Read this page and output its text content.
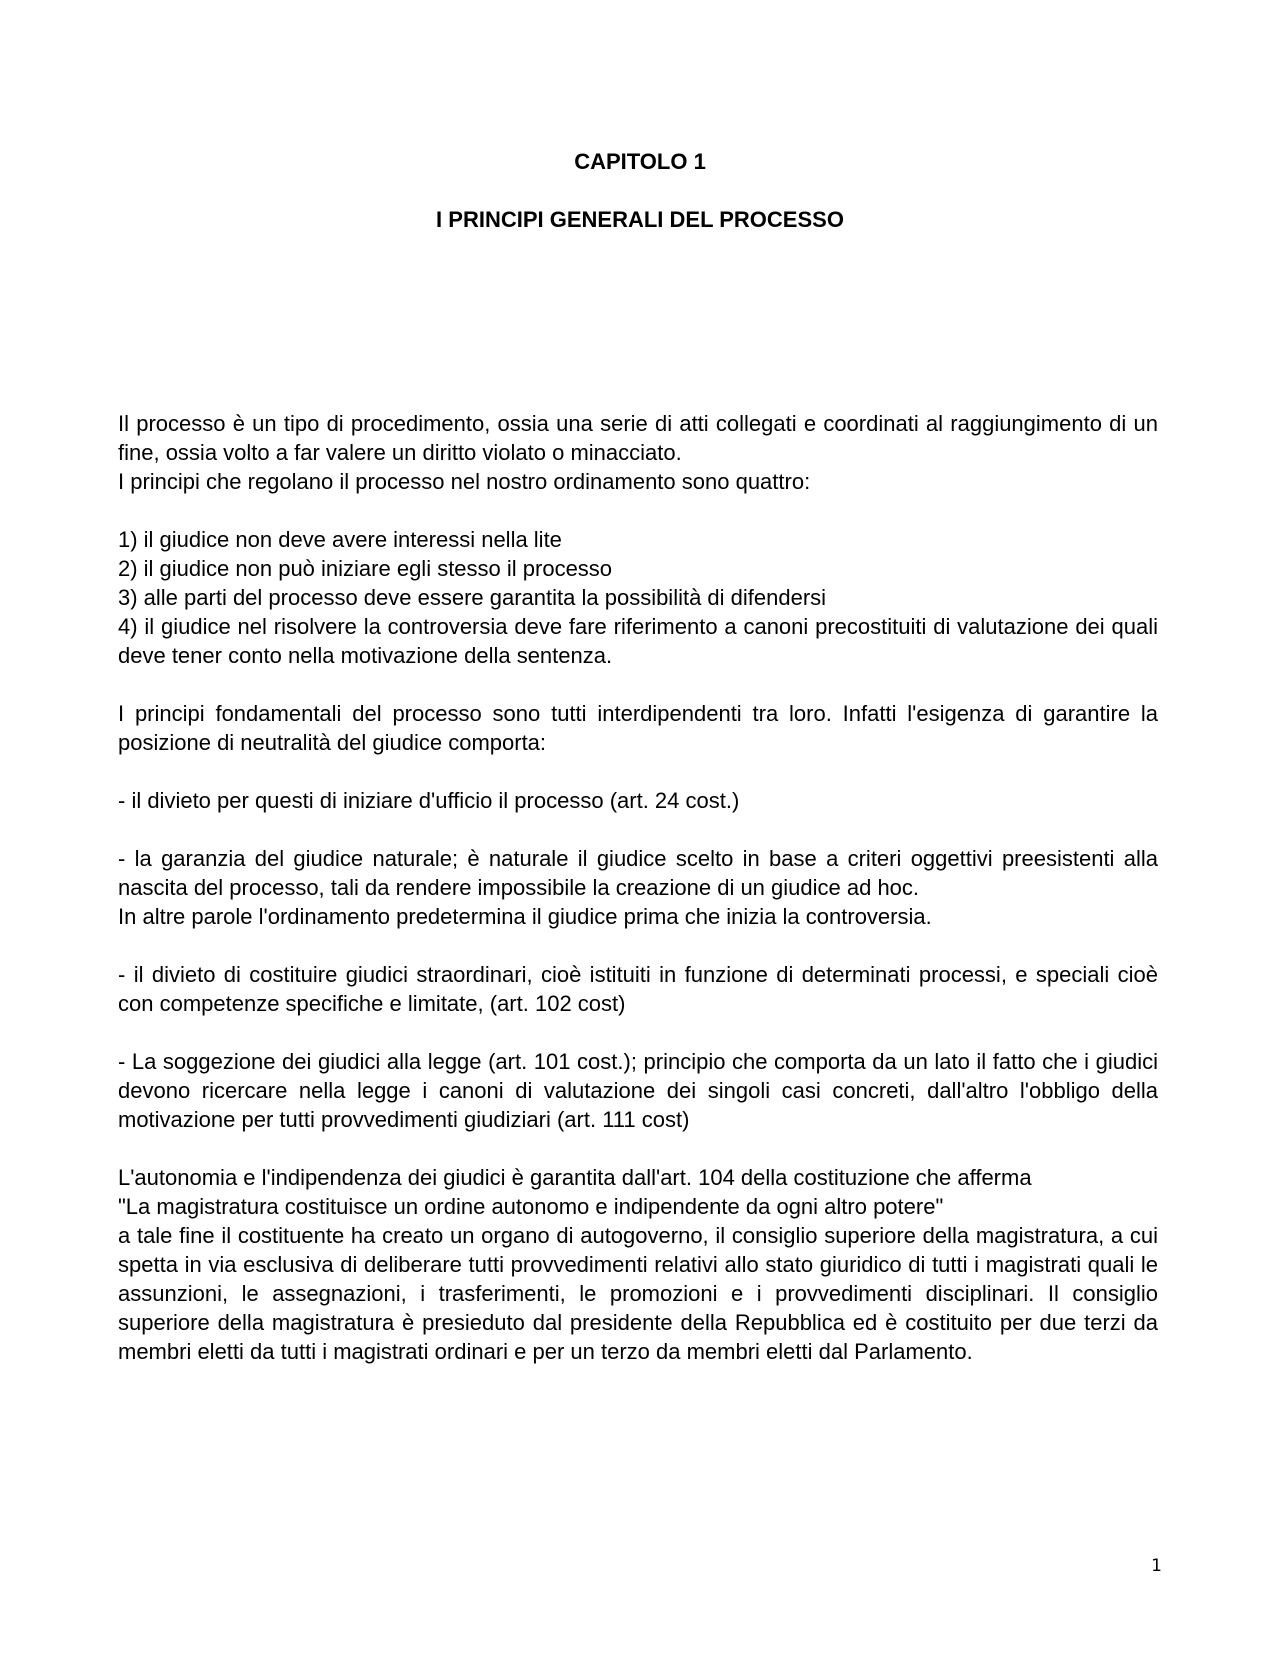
CAPITOLO 1
I PRINCIPI GENERALI DEL PROCESSO

Il processo è un tipo di procedimento, ossia una serie di atti collegati e coordinati al raggiungimento di un fine, ossia volto a far valere un diritto violato o minacciato.

I principi che regolano il processo nel nostro ordinamento sono quattro:

1) il giudice non deve avere interessi nella lite

2) il giudice non può iniziare egli stesso il processo

3) alle parti del processo deve essere garantita la possibilità di difendersi

4) il giudice nel risolvere la controversia deve fare riferimento a canoni precostituiti di valutazione dei quali deve tener conto nella motivazione della sentenza.

I principi fondamentali del processo sono tutti interdipendenti tra loro. Infatti l'esigenza di garantire la posizione di neutralità del giudice comporta:

- il divieto per questi di iniziare d'ufficio il processo (art. 24 cost.)

- la garanzia del giudice naturale; è naturale il giudice scelto in base a criteri oggettivi preesistenti alla nascita del processo, tali da rendere impossibile la creazione di un giudice ad hoc.

In altre parole l'ordinamento predetermina il giudice prima che inizia la controversia.

- il divieto di costituire giudici straordinari, cioè istituiti in funzione di determinati processi, e speciali cioè con competenze specifiche e limitate, (art. 102 cost)

- La soggezione dei giudici alla legge (art. 101 cost.); principio che comporta da un lato il fatto che i giudici devono ricercare nella legge i canoni di valutazione dei singoli casi concreti, dall'altro l'obbligo della motivazione per tutti provvedimenti giudiziari (art. 111 cost)

L'autonomia e l'indipendenza dei giudici è garantita dall'art. 104 della costituzione che afferma

"La magistratura costituisce un ordine autonomo e indipendente da ogni altro potere"

a tale fine il costituente ha creato un organo di autogoverno, il consiglio superiore della magistratura, a cui spetta in via esclusiva di deliberare tutti provvedimenti relativi allo stato giuridico di tutti i magistrati quali le assunzioni, le assegnazioni, i trasferimenti, le promozioni e i provvedimenti disciplinari. Il consiglio superiore della magistratura è presieduto dal presidente della Repubblica ed è costituito per due terzi da membri eletti da tutti i magistrati ordinari e per un terzo da membri eletti dal Parlamento.

1
